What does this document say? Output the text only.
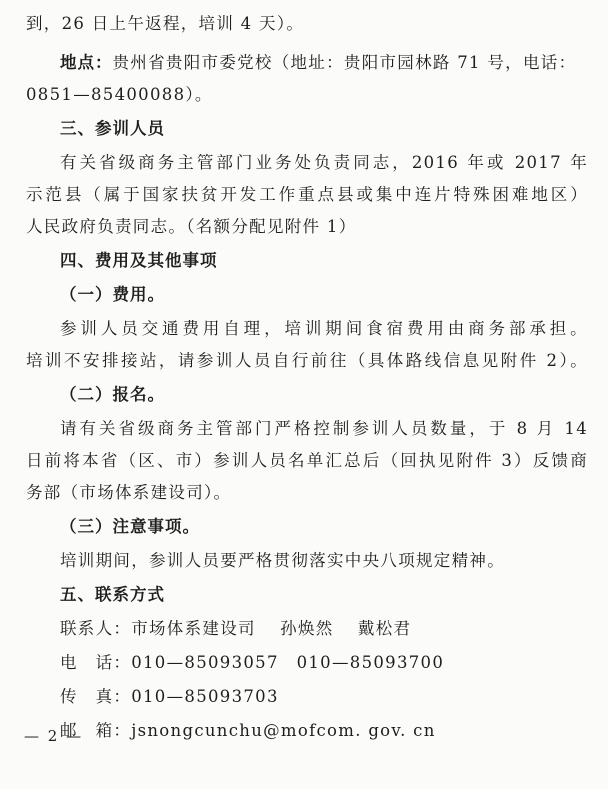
到，26 日上午返程，培训 4 天）。
地点：贵州省贵阳市委党校（地址：贵阳市园林路 71 号，电话：
0851—85400088）。
三、参训人员
有关省级商务主管部门业务处负责同志，2016 年或 2017 年
示范县（属于国家扶贫开发工作重点县或集中连片特殊困难地区）
人民政府负责同志。（名额分配见附件 1）
四、费用及其他事项
（一）费用。
参训人员交通费用自理，培训期间食宿费用由商务部承担。
培训不安排接站，请参训人员自行前往（具体路线信息见附件 2）。
（二）报名。
请有关省级商务主管部门严格控制参训人员数量，于 8 月 14
日前将本省（区、市）参训人员名单汇总后（回执见附件 3）反馈商
务部（市场体系建设司）。
（三）注意事项。
培训期间，参训人员要严格贯彻落实中央八项规定精神。
五、联系方式
联系人：市场体系建设司　 孙焕然　 戴松君
电　话：010—85093057　010—85093700
传　真：010—85093703
邮　箱：jsnongcunchu@mofcom. gov. cn
— 2 —
